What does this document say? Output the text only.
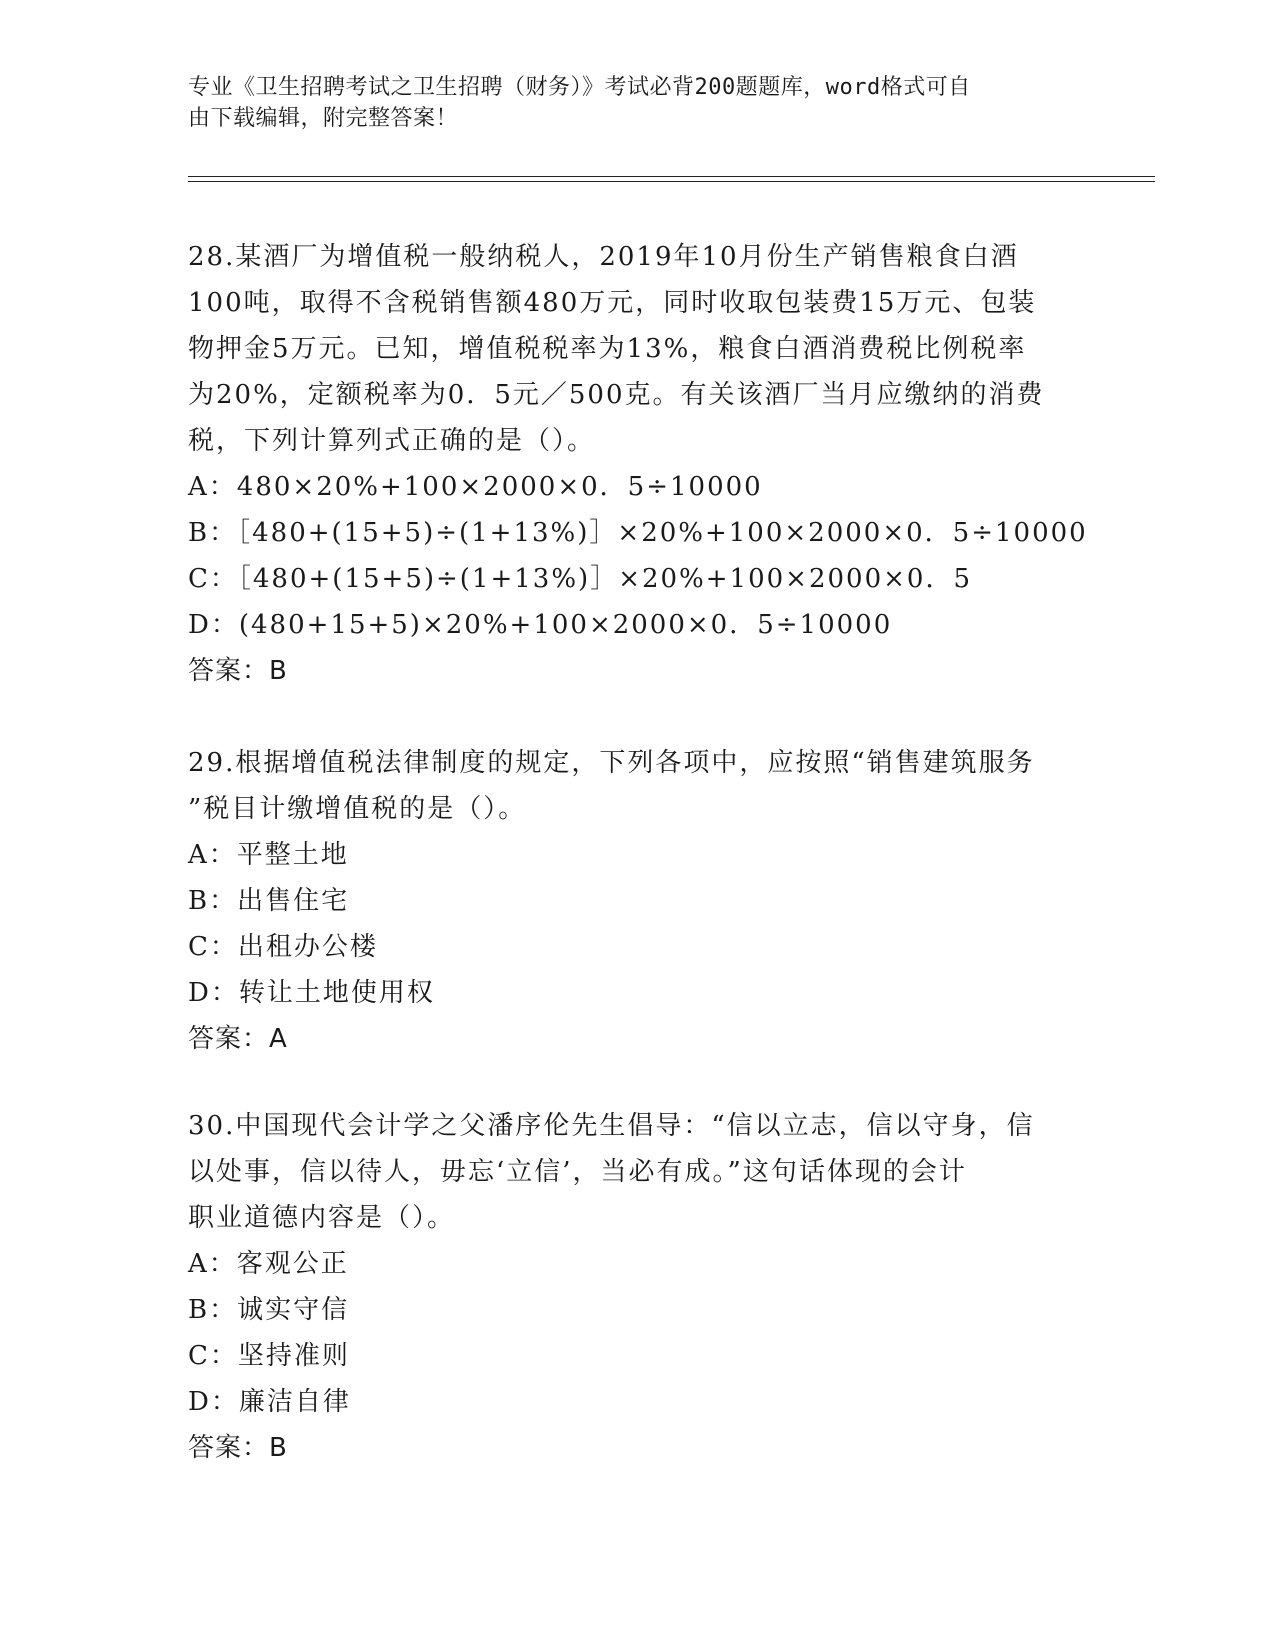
专业《卫生招聘考试之卫生招聘（财务）》考试必背200题题库，word格式可自
由下载编辑，附完整答案！
28.某酒厂为增值税一般纳税人，2019年10月份生产销售粮食白酒
100吨，取得不含税销售额480万元，同时收取包装费15万元、包装
物押金5万元。已知，增值税税率为13%，粮食白酒消费税比例税率
为20%，定额税率为0．5元／500克。有关该酒厂当月应缴纳的消费
税，下列计算列式正确的是（）。
A：480×20%+100×2000×0．5÷10000
B：［480+(15+5)÷(1+13%)］×20%+100×2000×0．5÷10000
C：［480+(15+5)÷(1+13%)］×20%+100×2000×0．5
D：(480+15+5)×20%+100×2000×0．5÷10000
答案：B
29.根据增值税法律制度的规定，下列各项中，应按照“销售建筑服务
”税目计缴增值税的是（）。
A：平整土地
B：出售住宅
C：出租办公楼
D：转让土地使用权
答案：A
30.中国现代会计学之父潘序伦先生倡导：“信以立志，信以守身，信
以处事，信以待人，毋忘‘立信’，当必有成。”这句话体现的会计
职业道德内容是（）。
A：客观公正
B：诚实守信
C：坚持准则
D：廉洁自律
答案：B
